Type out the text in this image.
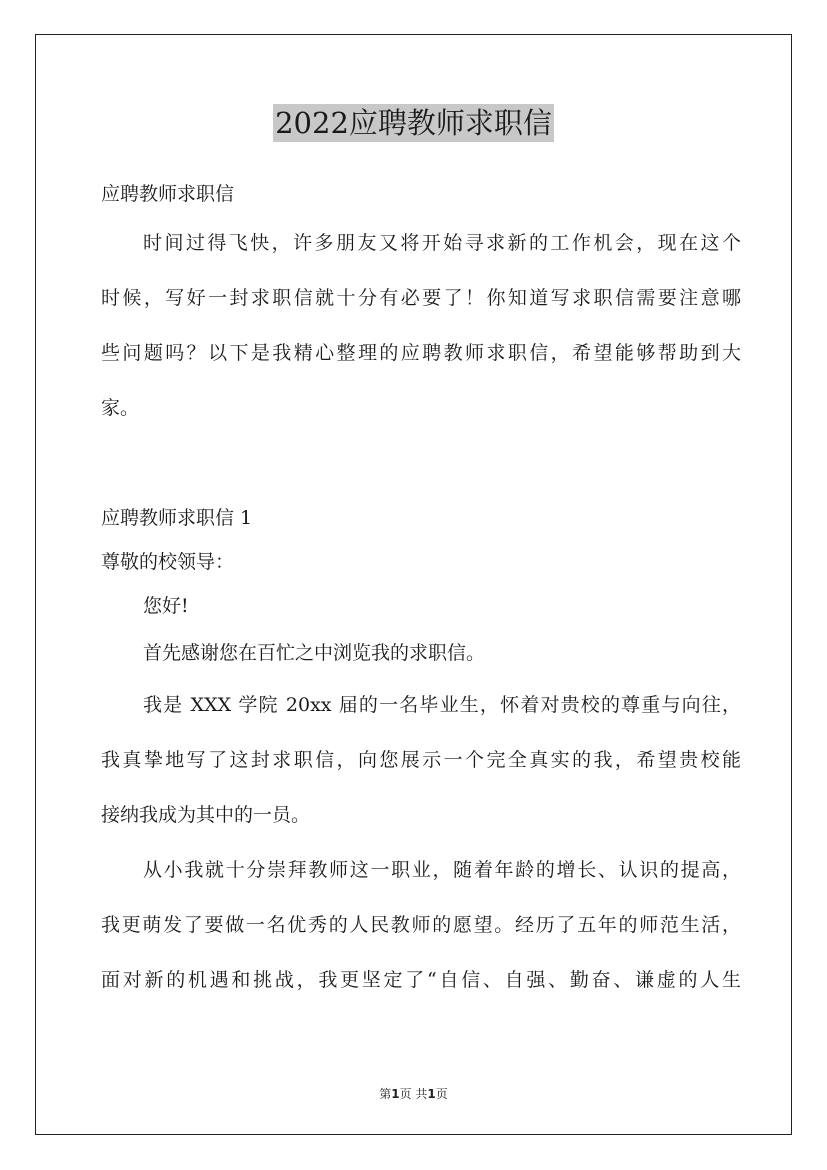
2022应聘教师求职信
应聘教师求职信
时间过得飞快，许多朋友又将开始寻求新的工作机会，现在这个
时候，写好一封求职信就十分有必要了！你知道写求职信需要注意哪
些问题吗？以下是我精心整理的应聘教师求职信，希望能够帮助到大
家。
应聘教师求职信 1
尊敬的校领导：
您好!
首先感谢您在百忙之中浏览我的求职信。
我是 XXX 学院 20xx 届的一名毕业生，怀着对贵校的尊重与向往，
我真挚地写了这封求职信，向您展示一个完全真实的我，希望贵校能
接纳我成为其中的一员。
从小我就十分崇拜教师这一职业，随着年龄的增长、认识的提高，
我更萌发了要做一名优秀的人民教师的愿望。经历了五年的师范生活，
面对新的机遇和挑战，我更坚定了“自信、自强、勤奋、谦虚的人生
第1页 共1页
